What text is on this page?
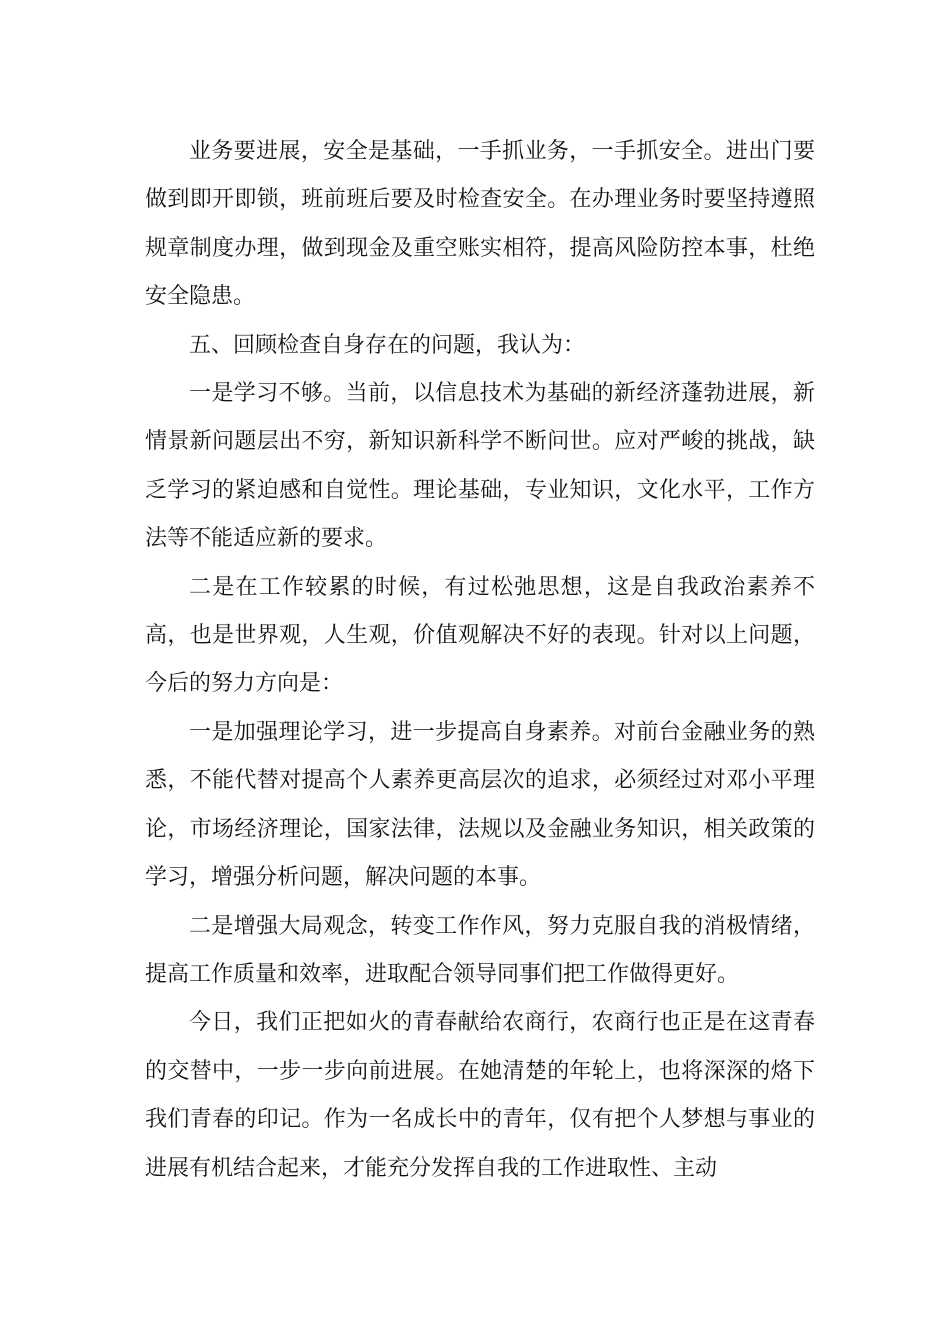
业务要进展，安全是基础，一手抓业务，一手抓安全。进出门要做到即开即锁，班前班后要及时检查安全。在办理业务时要坚持遵照规章制度办理，做到现金及重空账实相符，提高风险防控本事，杜绝安全隐患。

五、回顾检查自身存在的问题，我认为：

一是学习不够。当前，以信息技术为基础的新经济蓬勃进展，新情景新问题层出不穷，新知识新科学不断问世。应对严峻的挑战，缺乏学习的紧迫感和自觉性。理论基础，专业知识，文化水平，工作方法等不能适应新的要求。

二是在工作较累的时候，有过松弛思想，这是自我政治素养不高，也是世界观，人生观，价值观解决不好的表现。针对以上问题，今后的努力方向是：

一是加强理论学习，进一步提高自身素养。对前台金融业务的熟悉，不能代替对提高个人素养更高层次的追求，必须经过对邓小平理论，市场经济理论，国家法律，法规以及金融业务知识，相关政策的学习，增强分析问题，解决问题的本事。

二是增强大局观念，转变工作作风，努力克服自我的消极情绪，提高工作质量和效率，进取配合领导同事们把工作做得更好。

今日，我们正把如火的青春献给农商行，农商行也正是在这青春的交替中，一步一步向前进展。在她清楚的年轮上，也将深深的烙下我们青春的印记。作为一名成长中的青年，仅有把个人梦想与事业的进展有机结合起来，才能充分发挥自我的工作进取性、主动
